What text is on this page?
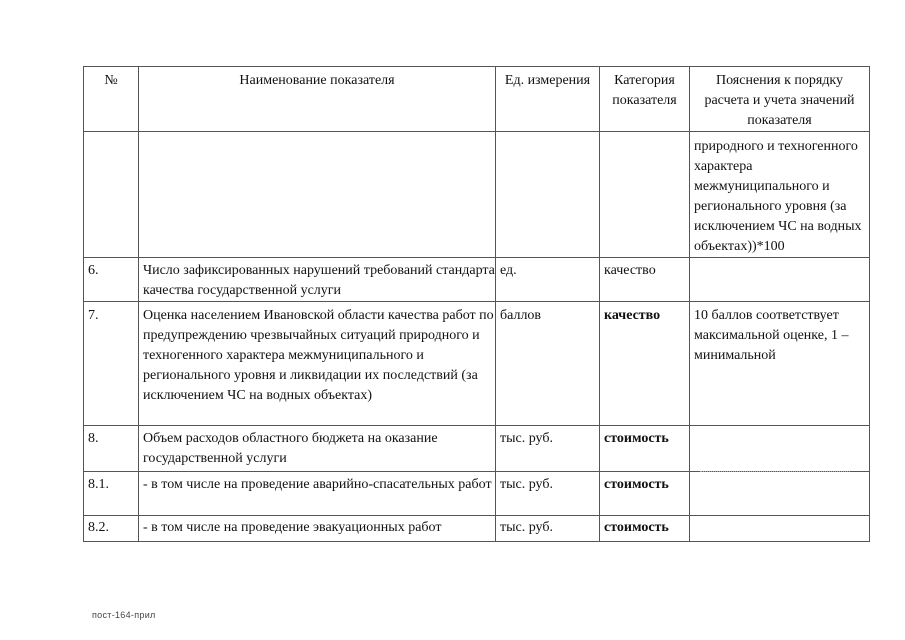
№	Наименование показателя	Ед. измерения	Категория показателя	Пояснения к порядку расчета и учета значений показателя
				природного и техногенного характера межмуниципального и регионального уровня (за исключением ЧС на водных объектах))*100
6.	Число зафиксированных нарушений требований стандарта качества государственной услуги	ед.	качество	
7.	Оценка населением Ивановской области качества работ по предупреждению чрезвычайных ситуаций природного и техногенного характера межмуниципального и регионального уровня и ликвидации их последствий (за исключением ЧС на водных объектах)	баллов	качество	10 баллов соответствует максимальной оценке, 1 – минимальной
8.	Объем расходов областного бюджета на оказание государственной услуги	тыс. руб.	стоимость	
8.1.	- в том числе на проведение аварийно-спасательных работ	тыс. руб.	стоимость	
8.2.	- в том числе на проведение эвакуационных работ	тыс. руб.	стоимость	
пост-164-прил
